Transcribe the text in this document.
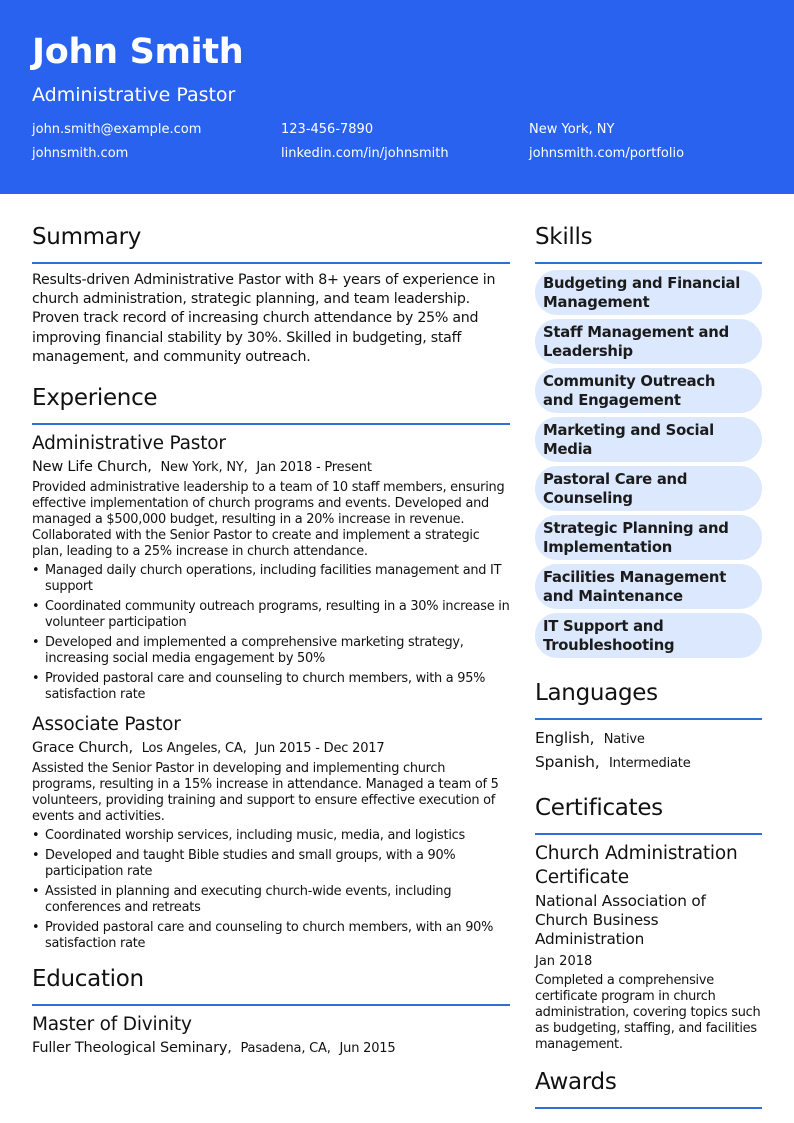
John Smith
Administrative Pastor
john.smith@example.com	123-456-7890	New York, NY
johnsmith.com	linkedin.com/in/johnsmith	johnsmith.com/portfolio
Summary
Results-driven Administrative Pastor with 8+ years of experience in church administration, strategic planning, and team leadership. Proven track record of increasing church attendance by 25% and improving financial stability by 30%. Skilled in budgeting, staff management, and community outreach.
Experience
Administrative Pastor
New Life Church, New York, NY, Jan 2018 - Present
Provided administrative leadership to a team of 10 staff members, ensuring effective implementation of church programs and events. Developed and managed a $500,000 budget, resulting in a 20% increase in revenue. Collaborated with the Senior Pastor to create and implement a strategic plan, leading to a 25% increase in church attendance.
• Managed daily church operations, including facilities management and IT support
• Coordinated community outreach programs, resulting in a 30% increase in volunteer participation
• Developed and implemented a comprehensive marketing strategy, increasing social media engagement by 50%
• Provided pastoral care and counseling to church members, with a 95% satisfaction rate
Associate Pastor
Grace Church, Los Angeles, CA, Jun 2015 - Dec 2017
Assisted the Senior Pastor in developing and implementing church programs, resulting in a 15% increase in attendance. Managed a team of 5 volunteers, providing training and support to ensure effective execution of events and activities.
• Coordinated worship services, including music, media, and logistics
• Developed and taught Bible studies and small groups, with a 90% participation rate
• Assisted in planning and executing church-wide events, including conferences and retreats
• Provided pastoral care and counseling to church members, with an 90% satisfaction rate
Education
Master of Divinity
Fuller Theological Seminary, Pasadena, CA, Jun 2015
Skills
Budgeting and Financial Management Staff Management and Leadership Community Outreach and Engagement Marketing and Social Media Pastoral Care and Counseling Strategic Planning and Implementation Facilities Management and Maintenance IT Support and Troubleshooting
Languages
English, Native
Spanish, Intermediate
Certificates
Church Administration Certificate
National Association of Church Business Administration
Jan 2018
Completed a comprehensive certificate program in church administration, covering topics such as budgeting, staffing, and facilities management.
Awards
